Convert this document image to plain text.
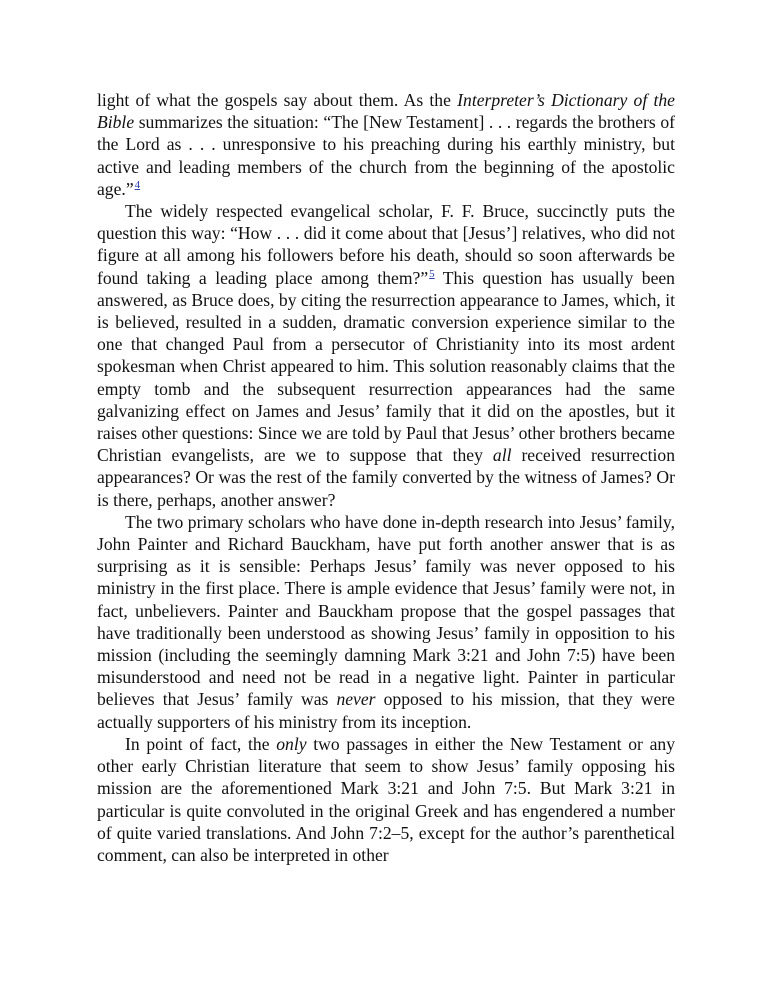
light of what the gospels say about them. As the Interpreter’s Dictionary of the Bible summarizes the situation: “The [New Testament] . . . regards the brothers of the Lord as . . . unresponsive to his preaching during his earthly ministry, but active and leading members of the church from the beginning of the apostolic age.”$^4$

The widely respected evangelical scholar, F. F. Bruce, succinctly puts the question this way: “How . . . did it come about that [Jesus’] relatives, who did not figure at all among his followers before his death, should so soon afterwards be found taking a leading place among them?”$^5$ This question has usually been answered, as Bruce does, by citing the resurrection appearance to James, which, it is believed, resulted in a sudden, dramatic conversion experience similar to the one that changed Paul from a persecutor of Christianity into its most ardent spokesman when Christ appeared to him. This solution reasonably claims that the empty tomb and the subsequent resurrection appearances had the same galvanizing effect on James and Jesus’ family that it did on the apostles, but it raises other questions: Since we are told by Paul that Jesus’ other brothers became Christian evangelists, are we to suppose that they all received resurrection appearances? Or was the rest of the family converted by the witness of James? Or is there, perhaps, another answer?

The two primary scholars who have done in-depth research into Jesus’ family, John Painter and Richard Bauckham, have put forth another answer that is as surprising as it is sensible: Perhaps Jesus’ family was never opposed to his ministry in the first place. There is ample evidence that Jesus’ family were not, in fact, unbelievers. Painter and Bauckham propose that the gospel passages that have traditionally been understood as showing Jesus’ family in opposition to his mission (including the seemingly damning Mark 3:21 and John 7:5) have been misunderstood and need not be read in a negative light. Painter in particular believes that Jesus’ family was never opposed to his mission, that they were actually supporters of his ministry from its inception.

In point of fact, the only two passages in either the New Testament or any other early Christian literature that seem to show Jesus’ family opposing his mission are the aforementioned Mark 3:21 and John 7:5. But Mark 3:21 in particular is quite convoluted in the original Greek and has engendered a number of quite varied translations. And John 7:2–5, except for the author’s parenthetical comment, can also be interpreted in other
